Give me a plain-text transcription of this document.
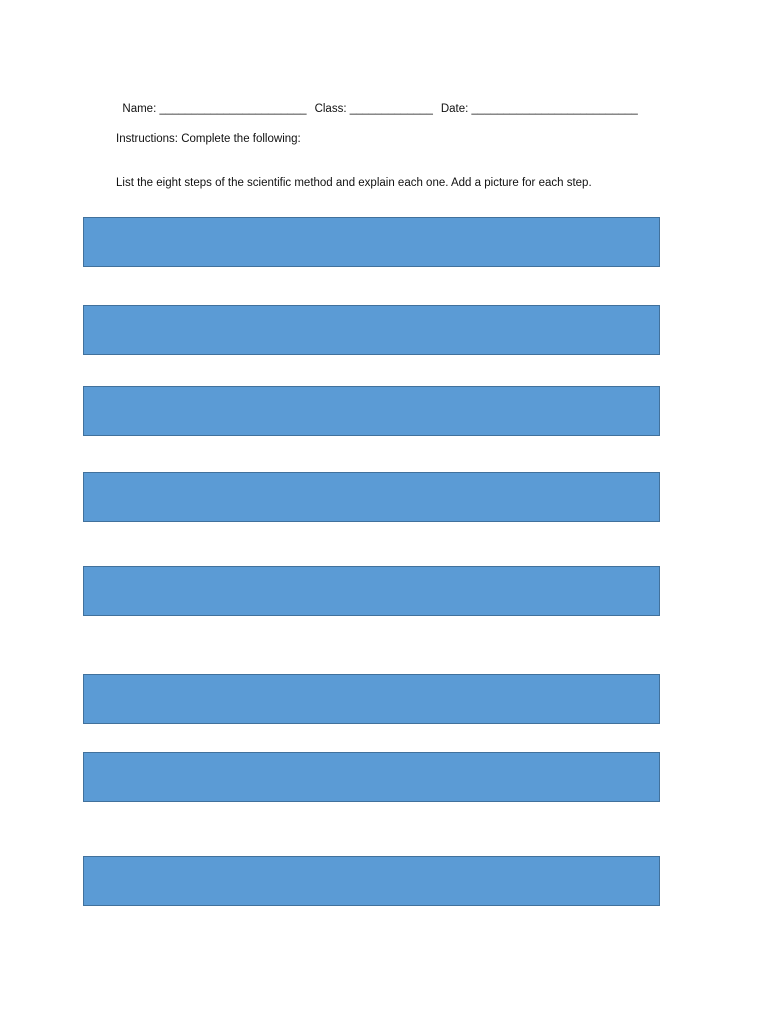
Name: _______________________ Class: _____________ Date: __________________________

Instructions: Complete the following:
List the eight steps of the scientific method and explain each one. Add a picture for each step.
